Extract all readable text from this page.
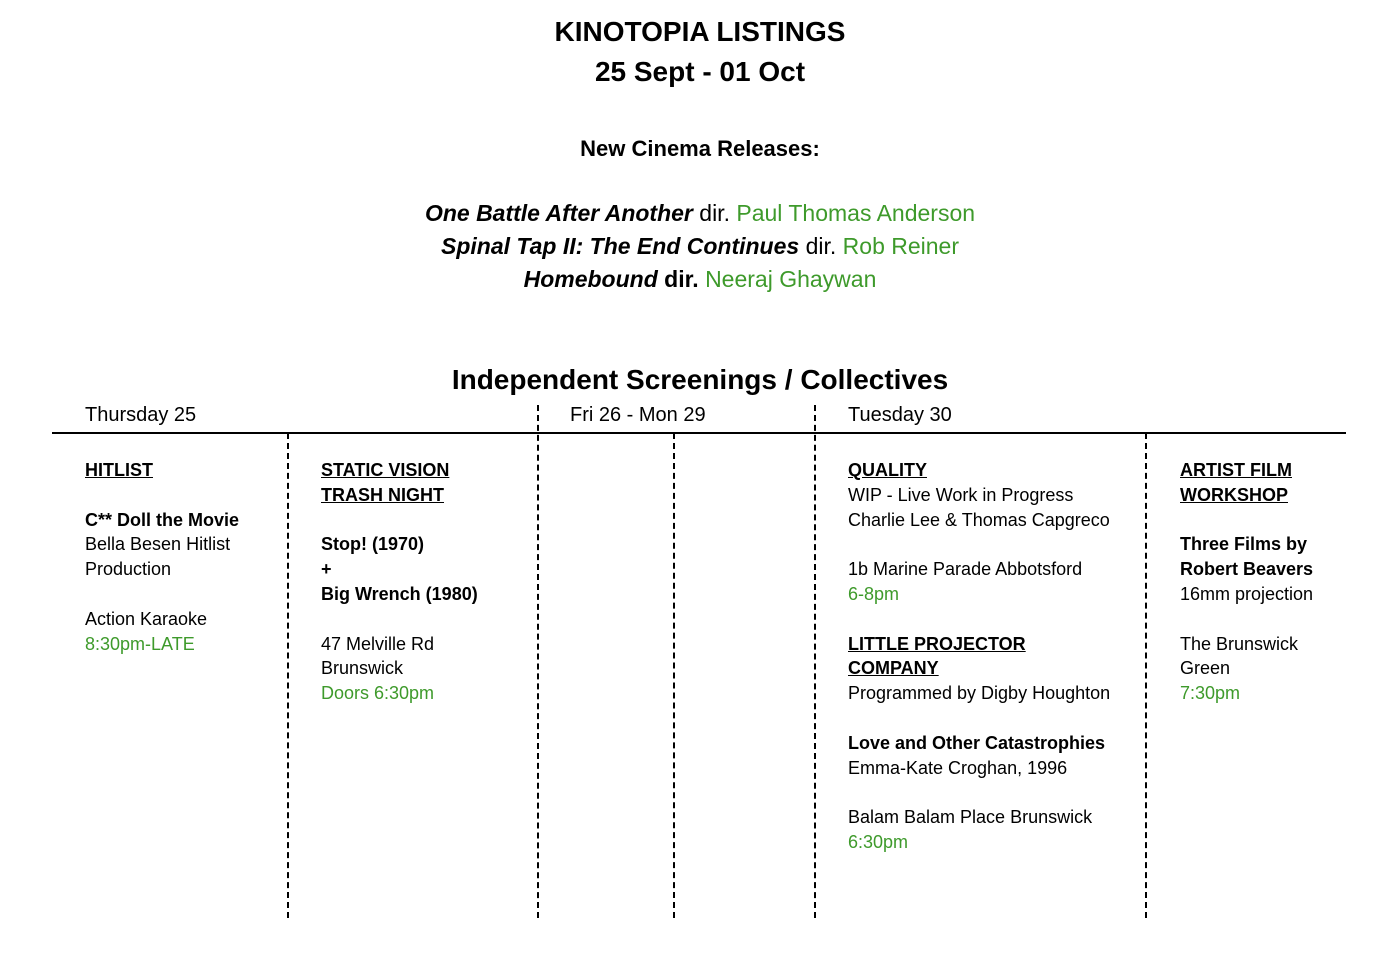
KINOTOPIA LISTINGS
25 Sept - 01 Oct
New Cinema Releases:
One Battle After Another dir. Paul Thomas Anderson
Spinal Tap II: The End Continues dir. Rob Reiner
Homebound dir. Neeraj Ghaywan
Independent Screenings / Collectives
Thursday 25	Fri 26 - Mon 29	Tuesday 30
HITLIST
C** Doll the Movie
Bella Besen Hitlist
Production
Action Karaoke
8:30pm-LATE
STATIC VISION
TRASH NIGHT
Stop! (1970)
+
Big Wrench (1980)
47 Melville Rd
Brunswick
Doors 6:30pm
QUALITY
WIP - Live Work in Progress
Charlie Lee & Thomas Capgreco
1b Marine Parade Abbotsford
6-8pm
LITTLE PROJECTOR
COMPANY
Programmed by Digby Houghton
Love and Other Catastrophies
Emma-Kate Croghan, 1996
Balam Balam Place Brunswick
6:30pm
ARTIST FILM
WORKSHOP
Three Films by
Robert Beavers
16mm projection
The Brunswick
Green
7:30pm
